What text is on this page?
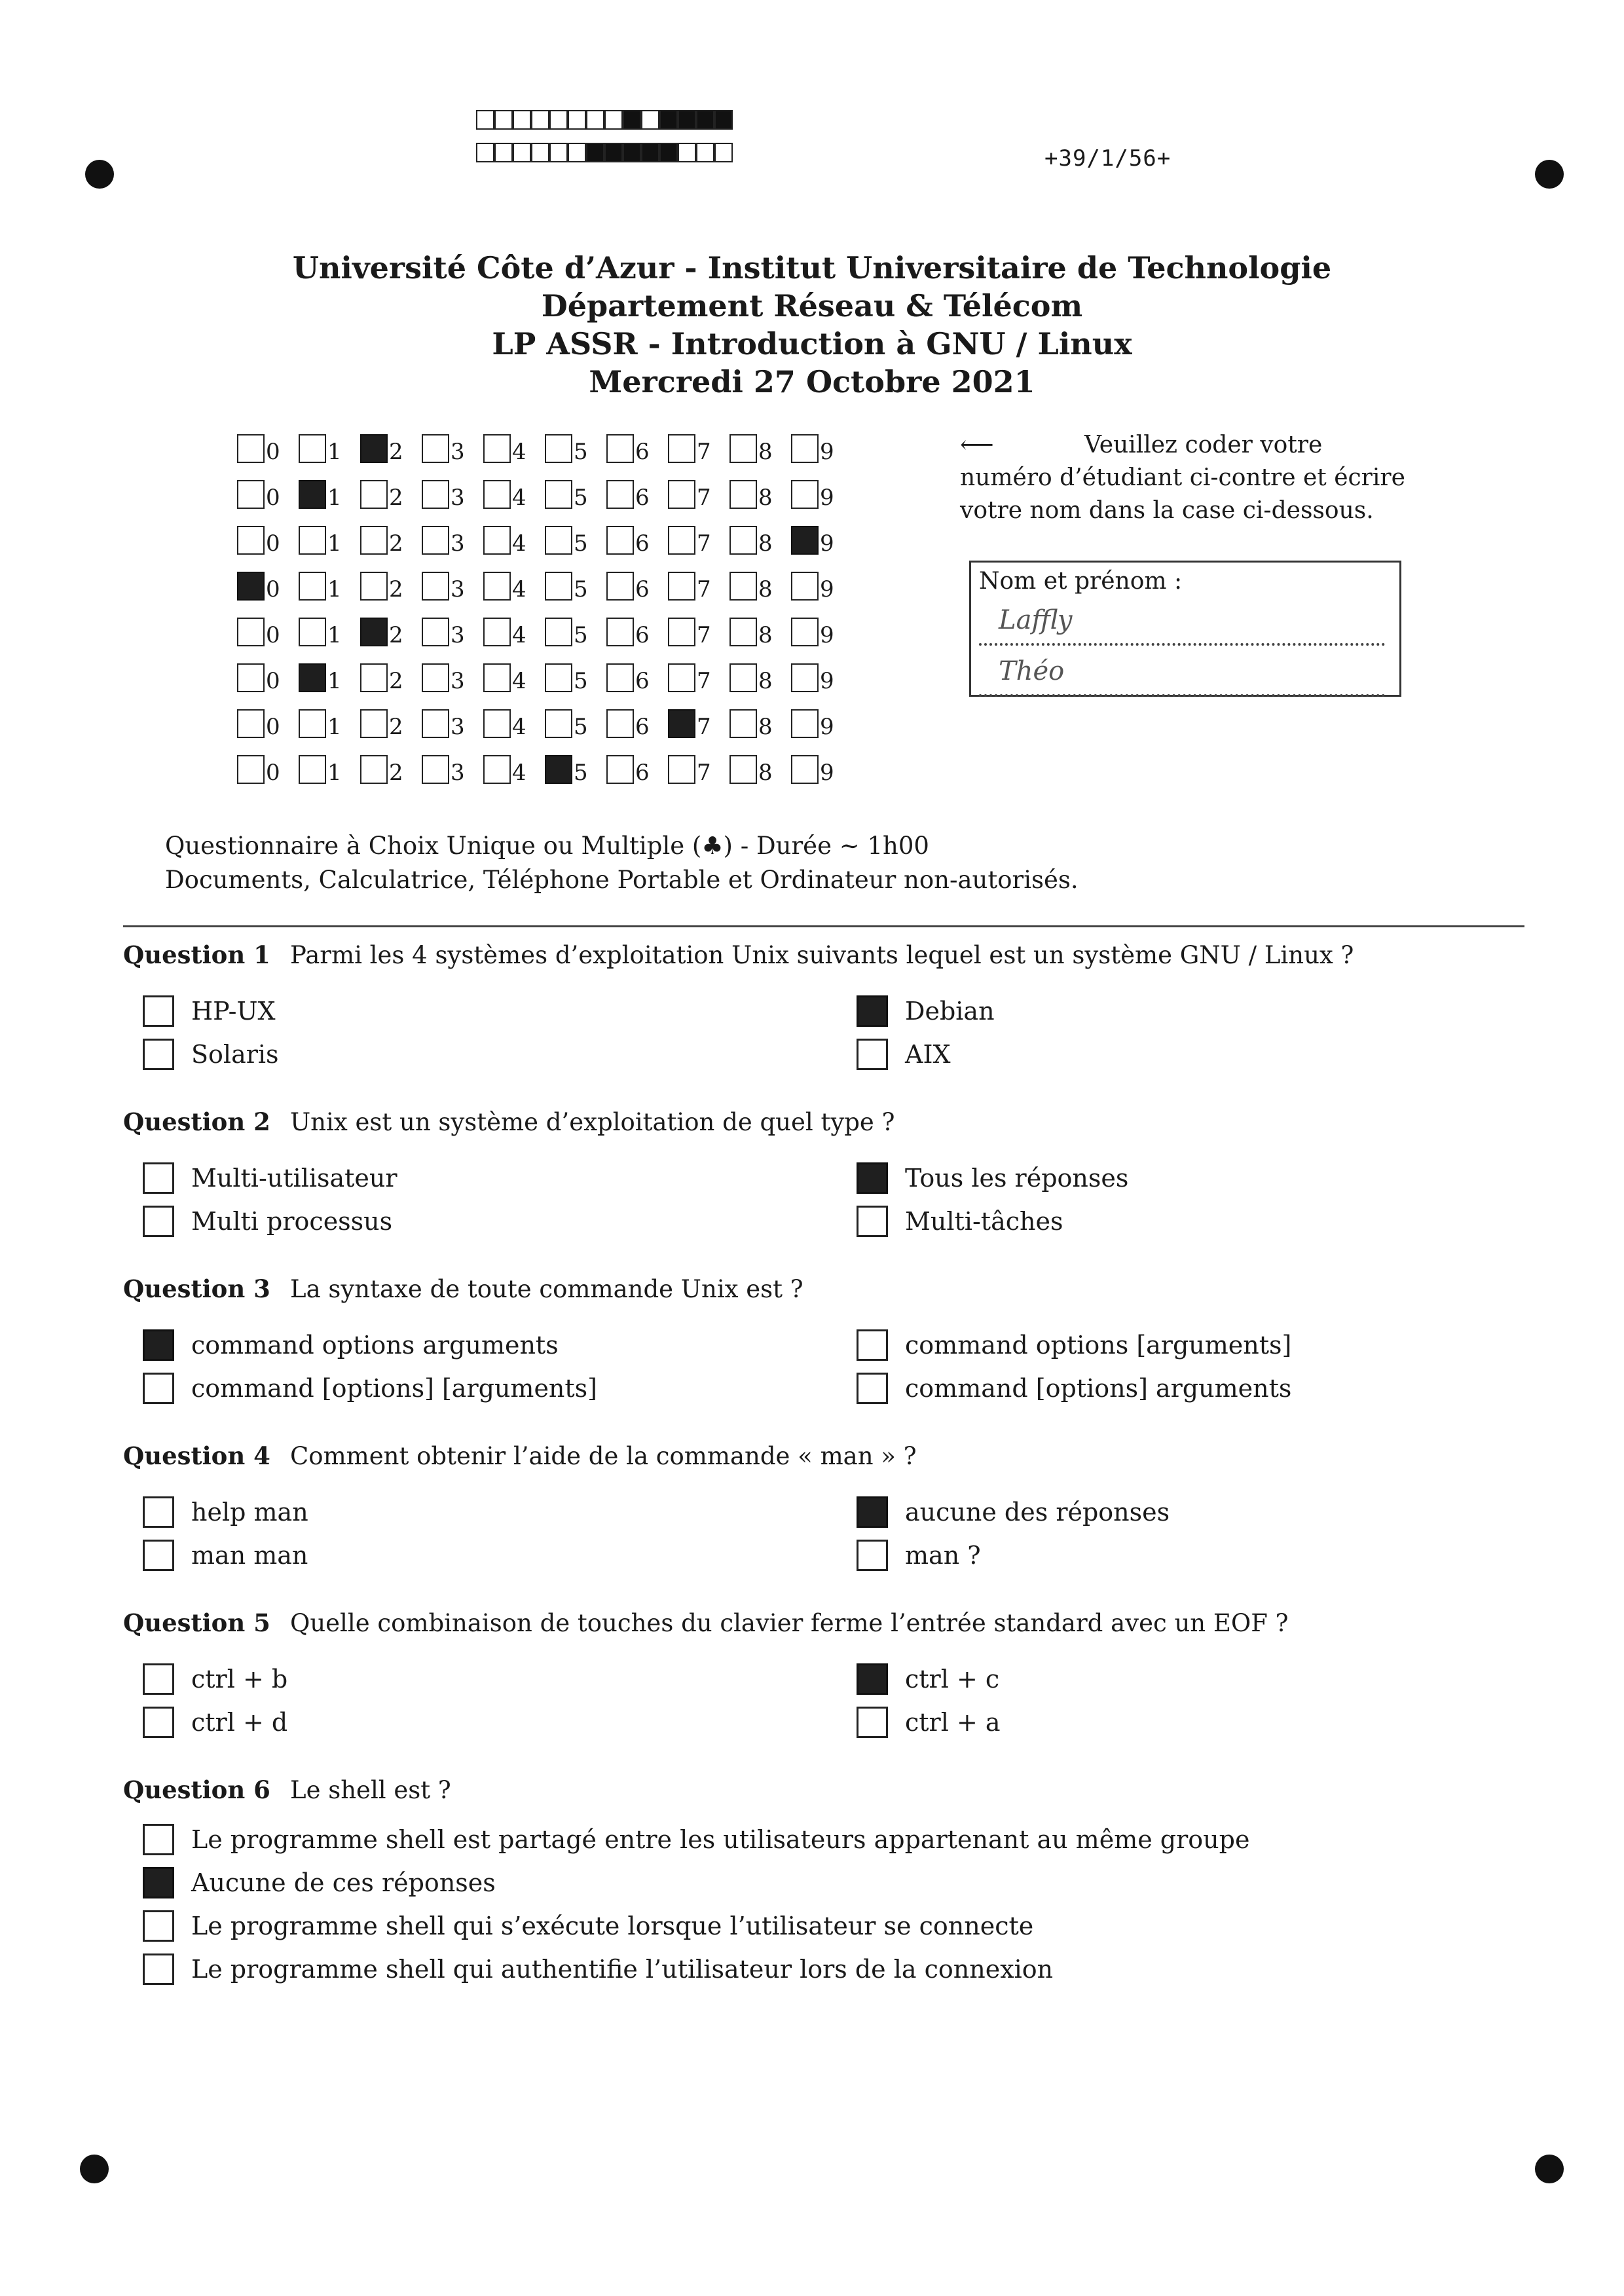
+39/1/56+
Université Côte d’Azur - Institut Universitaire de Technologie
Département Réseau & Télécom
LP ASSR - Introduction à GNU / Linux
Mercredi 27 Octobre 2021
0 1 2 3 4 5 6 7 8 9
0 1 2 3 4 5 6 7 8 9
0 1 2 3 4 5 6 7 8 9
0 1 2 3 4 5 6 7 8 9
0 1 2 3 4 5 6 7 8 9
0 1 2 3 4 5 6 7 8 9
0 1 2 3 4 5 6 7 8 9
0 1 2 3 4 5 6 7 8 9
⟵	Veuillez coder votre numéro d’étudiant ci-contre et écrire votre nom dans la case ci-dessous.
Nom et prénom :
Laffly
Théo
Questionnaire à Choix Unique ou Multiple (♣) - Durée ∼ 1h00
Documents, Calculatrice, Téléphone Portable et Ordinateur non-autorisés.
Question 1 Parmi les 4 systèmes d’exploitation Unix suivants lequel est un système GNU / Linux ?
HP-UX	Debian
Solaris	AIX
Question 2 Unix est un système d’exploitation de quel type ?
Multi-utilisateur	Tous les réponses
Multi processus	Multi-tâches
Question 3 La syntaxe de toute commande Unix est ?
command options arguments	command options [arguments]
command [options] [arguments]	command [options] arguments
Question 4 Comment obtenir l’aide de la commande « man » ?
help man	aucune des réponses
man man	man ?
Question 5 Quelle combinaison de touches du clavier ferme l’entrée standard avec un EOF ?
ctrl + b	ctrl + c
ctrl + d	ctrl + a
Question 6 Le shell est ?
Le programme shell est partagé entre les utilisateurs appartenant au même groupe
Aucune de ces réponses
Le programme shell qui s’exécute lorsque l’utilisateur se connecte
Le programme shell qui authentifie l’utilisateur lors de la connexion
